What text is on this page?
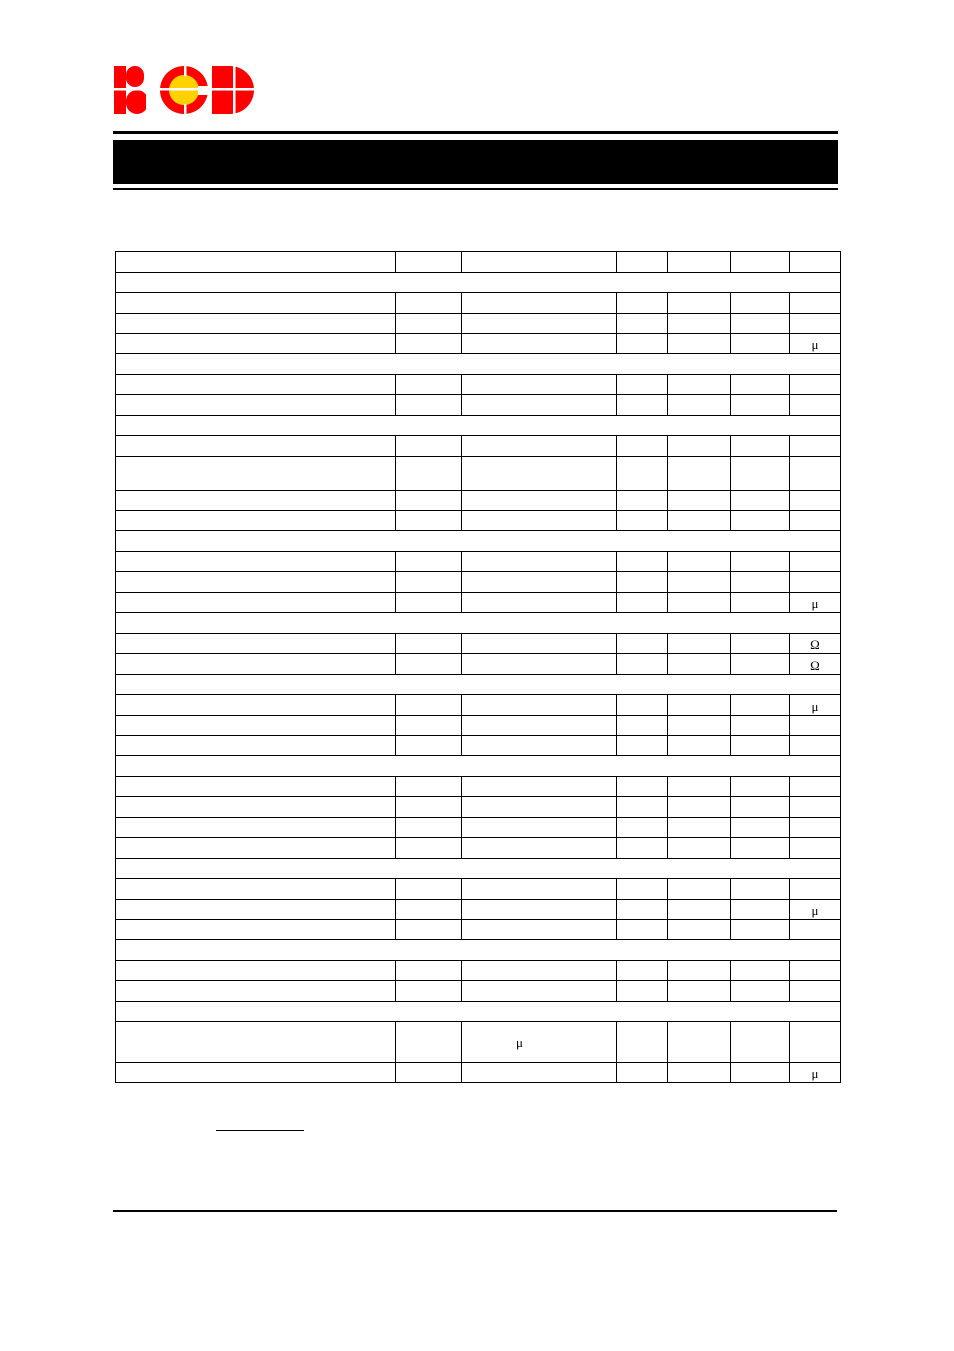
						μ

						μ

						Ω
						Ω

						μ

						μ

		μ				
						μ
